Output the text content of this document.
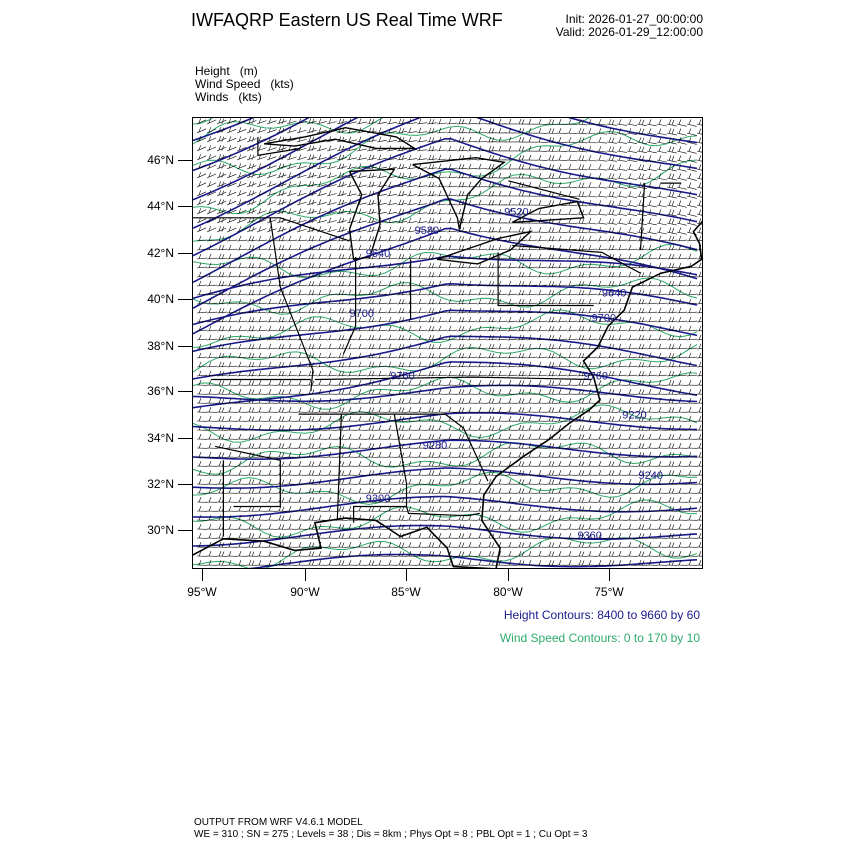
IWFAQRP Eastern US Real Time WRF	Init: 2026-01-27_00:00:00
Valid: 2026-01-29_12:00:00
Height (m)
Wind Speed (kts)
Winds (kts)
9520
9580
9640
9640
9700	9700
9760	9760
9220
9280
9240
9300
9360
46°N
44°N
42°N
40°N
38°N
36°N
34°N
32°N
30°N
95°W	90°W	85°W	80°W	75°W
Height Contours: 8400 to 9660 by 60
Wind Speed Contours: 0 to 170 by 10
OUTPUT FROM WRF V4.6.1 MODEL
WE = 310 ; SN = 275 ; Levels = 38 ; Dis = 8km ; Phys Opt = 8 ; PBL Opt = 1 ; Cu Opt = 3
